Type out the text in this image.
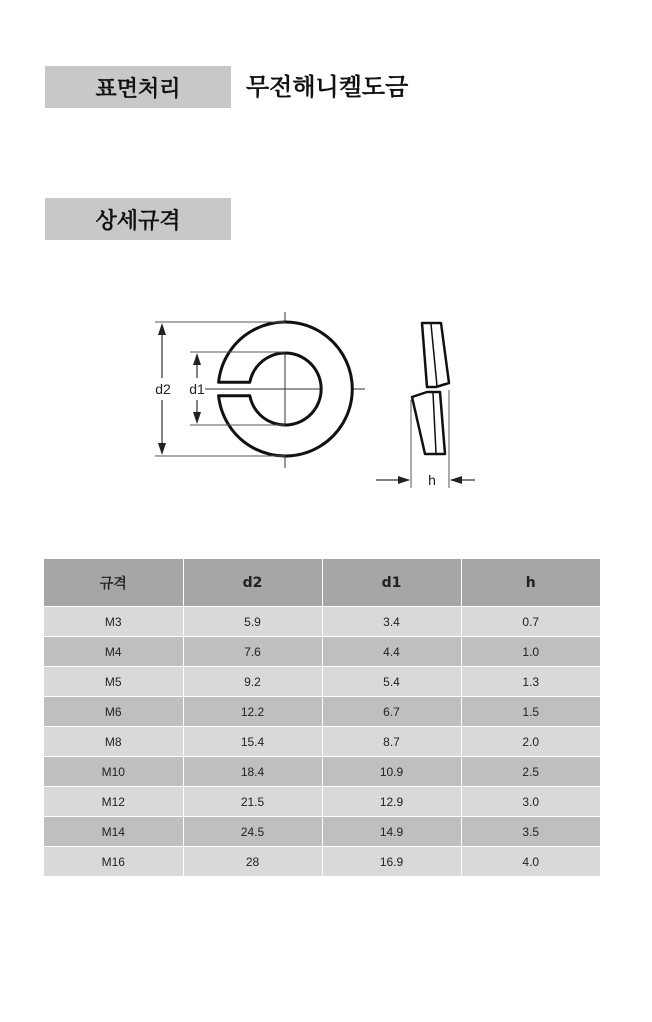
표면처리	무전해니켈도금
상세규격
d2 d1
h
규격	d2	d1	h
M3	5.9	3.4	0.7
M4	7.6	4.4	1.0
M5	9.2	5.4	1.3
M6	12.2	6.7	1.5
M8	15.4	8.7	2.0
M10	18.4	10.9	2.5
M12	21.5	12.9	3.0
M14	24.5	14.9	3.5
M16	28	16.9	4.0
